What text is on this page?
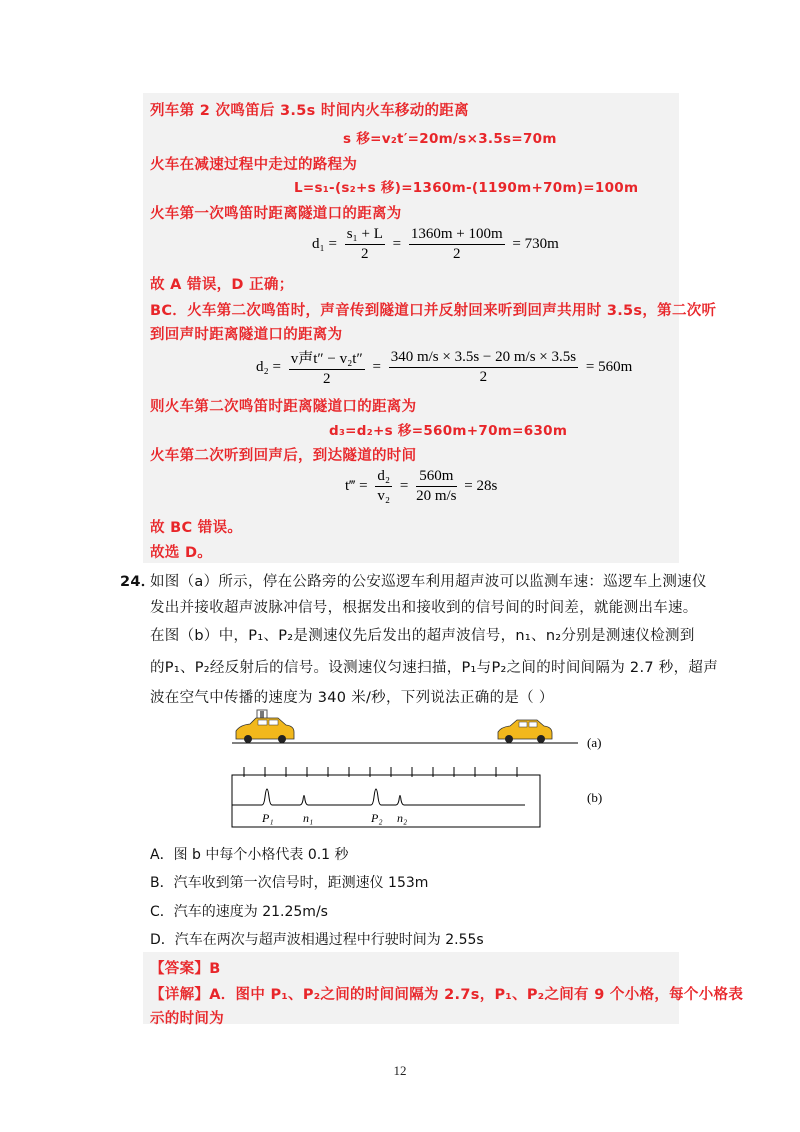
列车第 2 次鸣笛后 3.5s 时间内火车移动的距离
s 移=v₂t′=20m/s×3.5s=70m
火车在减速过程中走过的路程为
L=s₁-(s₂+s 移)=1360m-(1190m+70m)=100m
火车第一次鸣笛时距离隧道口的距离为
$d_1 = \frac{\text{s₁ + L}}{2} = \frac{1360m + 100m}{2} = 730m$
故 A 错误，D 正确；
BC．火车第二次鸣笛时，声音传到隧道口并反射回来听到回声共用时 3.5s，第二次听
到回声时距离隧道口的距离为
$d_2 = \frac{\text{v声t″ − v₂t″}}{2} = \frac{340 m/s \times 3.5s - 20 m/s \times 3.5s}{2} = 560m$
则火车第二次鸣笛时距离隧道口的距离为
d₃=d₂+s 移=560m+70m=630m
火车第二次听到回声后，到达隧道的时间
t‴ = $\frac{\text{d₂}}{\text{v₂}} = \frac{560m}{20 m/s} = 28s$
故 BC 错误。
故选 D。
24．
如图（a）所示，停在公路旁的公安巡逻车利用超声波可以监测车速：巡逻车上测速仪
发出并接收超声波脉冲信号，根据发出和接收到的信号间的时间差，就能测出车速。
在图（b）中，P₁、P₂是测速仪先后发出的超声波信号，n₁、n₂分别是测速仪检测到
的P₁、P₂经反射后的信号。设测速仪匀速扫描，P₁与P₂之间的时间间隔为 2.7 秒，超声
波在空气中传播的速度为 340 米/秒，下列说法正确的是（ ）
(a)
P₁ n₁	P₂ n₂
(b)
A．图 b 中每个小格代表 0.1 秒
B．汽车收到第一次信号时，距测速仪 153m
C．汽车的速度为 21.25m/s
D．汽车在两次与超声波相遇过程中行驶时间为 2.55s
【答案】B
【详解】A．图中 P₁、P₂之间的时间间隔为 2.7s，P₁、P₂之间有 9 个小格，每个小格表
示的时间为
12
